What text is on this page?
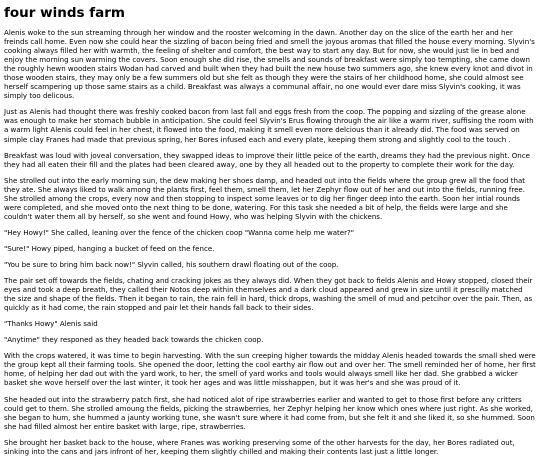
four winds farm

Alenis woke to the sun streaming through her window and the rooster welcoming in the dawn. Another day on the slice of the earth her and her freinds call home. Even now she could hear the sizzling of bacon being fried and smell the joyous aromas that filled the house every morning. Slyvin's cooking always filled her with warmth, the feeling of shelter and comfort, the best way to start any day. But for now, she would just lie in bed and enjoy the morning sun warming the covers. Soon enough she did rise, the smells and sounds of breakfast were simply too tempting, she came down the roughly hewn wooden stairs Wodan had carved and built when they had built the new house two summers ago, she knew every knot and divot in those wooden stairs, they may only be a few summers old but she felt as though they were the stairs of her childhood home, she could almost see herself scampering up those same stairs as a child. Breakfast was always a communal affair, no one would ever dare miss Slyvin's cooking, it was simply too delicous.

Just as Alenis had thought there was freshly cooked bacon from last fall and eggs fresh from the coop. The popping and sizzling of the grease alone was enough to make her stomach bubble in anticipation. She could feel Slyvin's Erus flowing through the air like a warm river, suffising the room with a warm light Alenis could feel in her chest, it flowed into the food, making it smell even more delcious than it already did. The food was served on simple clay Franes had made that previous spring, her Bores infused each and every plate, keeping them strong and slightly cool to the touch .

Breakfast was loud with joveal conversation, they swapped ideas to improve their little peice of the earth, dreams they had the previous night. Once they had all eaten their fill and the plates had been cleared away, one by they all headed out to the property to complete their work for the day.

She strolled out into the early morning sun, the dew making her shoes damp, and headed out into the fields where the group grew all the food that they ate. She always liked to walk among the plants first, feel them, smell them, let her Zephyr flow out of her and out into the fields, running free. She strolled among the crops, every now and then stopping to inspect some leaves or to dig her finger deep into the earth. Soon her intial rounds were completed, and she moved onto the next thing to be done, watering. For this task she needed a bit of help, the fields were large and she couldn't water them all by herself, so she went and found Howy, who was helping Slyvin with the chickens.

"Hey Howy!" She called, leaning over the fence of the chicken coop "Wanna come help me water?"

"Sure!" Howy piped, hanging a bucket of feed on the fence.

"You be sure to bring him back now!" Slyvin called, his southern drawl floating out of the coop.

The pair set off towards the fields, chating and cracking jokes as they always did. When they got back to fields Alenis and Howy stopped, closed their eyes and took a deep breath, they called their Notos deep within themselves and a dark cloud appeared and grew in size until it prescilly matched the size and shape of the fields. Then it began to rain, the rain fell in hard, thick drops, washing the smell of mud and petcihor over the pair. Then, as quickly as it had come, the rain stopped and pair let their hands fall back to their sides.

"Thanks Howy" Alenis said

"Anytime" they responed as they headed back towards the chicken coop.

With the crops watered, it was time to begin harvesting. With the sun creeping higher towards the midday Alenis headed towards the small shed were the group kept all their farming tools. She opened the door, letting the cool earthy air flow out and over her. The smell reminded her of home, her first home, of helping her dad out with the yard work, to her, the smell of yard works and tools would always smell like her dad. She grabbed a wicker basket she wove herself over the last winter, it took her ages and was little misshappen, but it was her's and she was proud of it.

She headed out into the strawberry patch first, she had noticed alot of ripe strawberries earlier and wanted to get to those first before any critters could get to them. She strolled amoung the fields, picking the strawberries, her Zephyr helping her know which ones where just right. As she worked, she began to hum, she hummed a jaunty working tune, she wasn't sure where it had come from, but she felt it and she liked it, so she hummed. Soon she had filled almost her entire basket with large, ripe, strawberries.

She brought her basket back to the house, where Franes was working preserving some of the other harvests for the day, her Bores radiated out, sinking into the cans and jars infront of her, keeping them slightly chilled and making their contents last just a little longer.
